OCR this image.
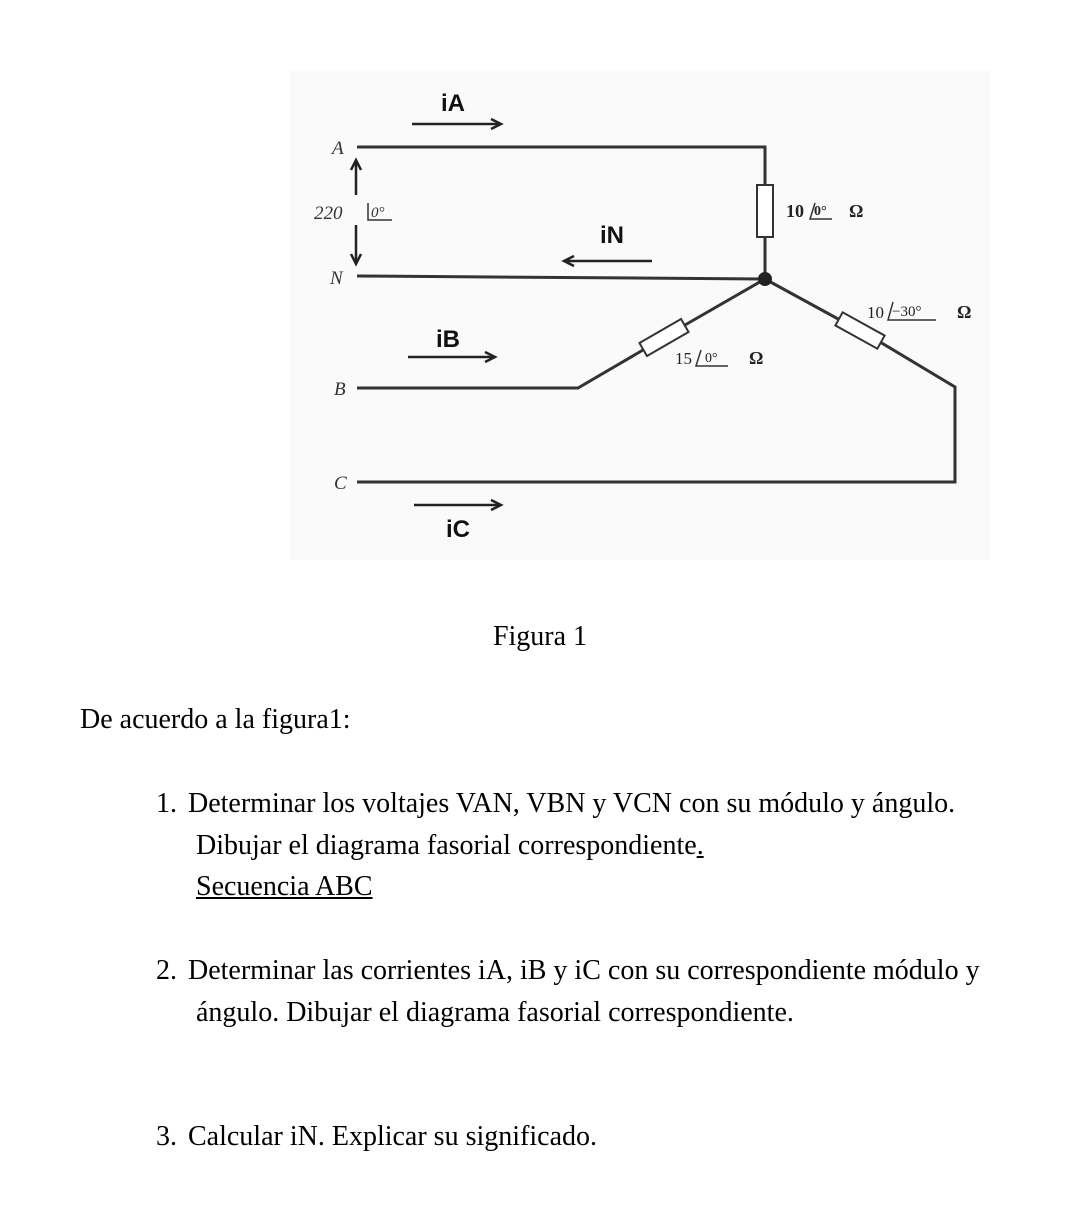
A
N
B
C
iA
iN
iB
iC
220 0°	10 0° Ω
15 0° Ω
10 −30° Ω
Figura 1
De acuerdo a la figura1:
1. Determinar los voltajes VAN, VBN y VCN con su módulo y ángulo. Dibujar el diagrama fasorial correspondiente.
Secuencia ABC
2. Determinar las corrientes iA, iB y iC con su correspondiente módulo y ángulo. Dibujar el diagrama fasorial correspondiente.
3. Calcular iN. Explicar su significado.
